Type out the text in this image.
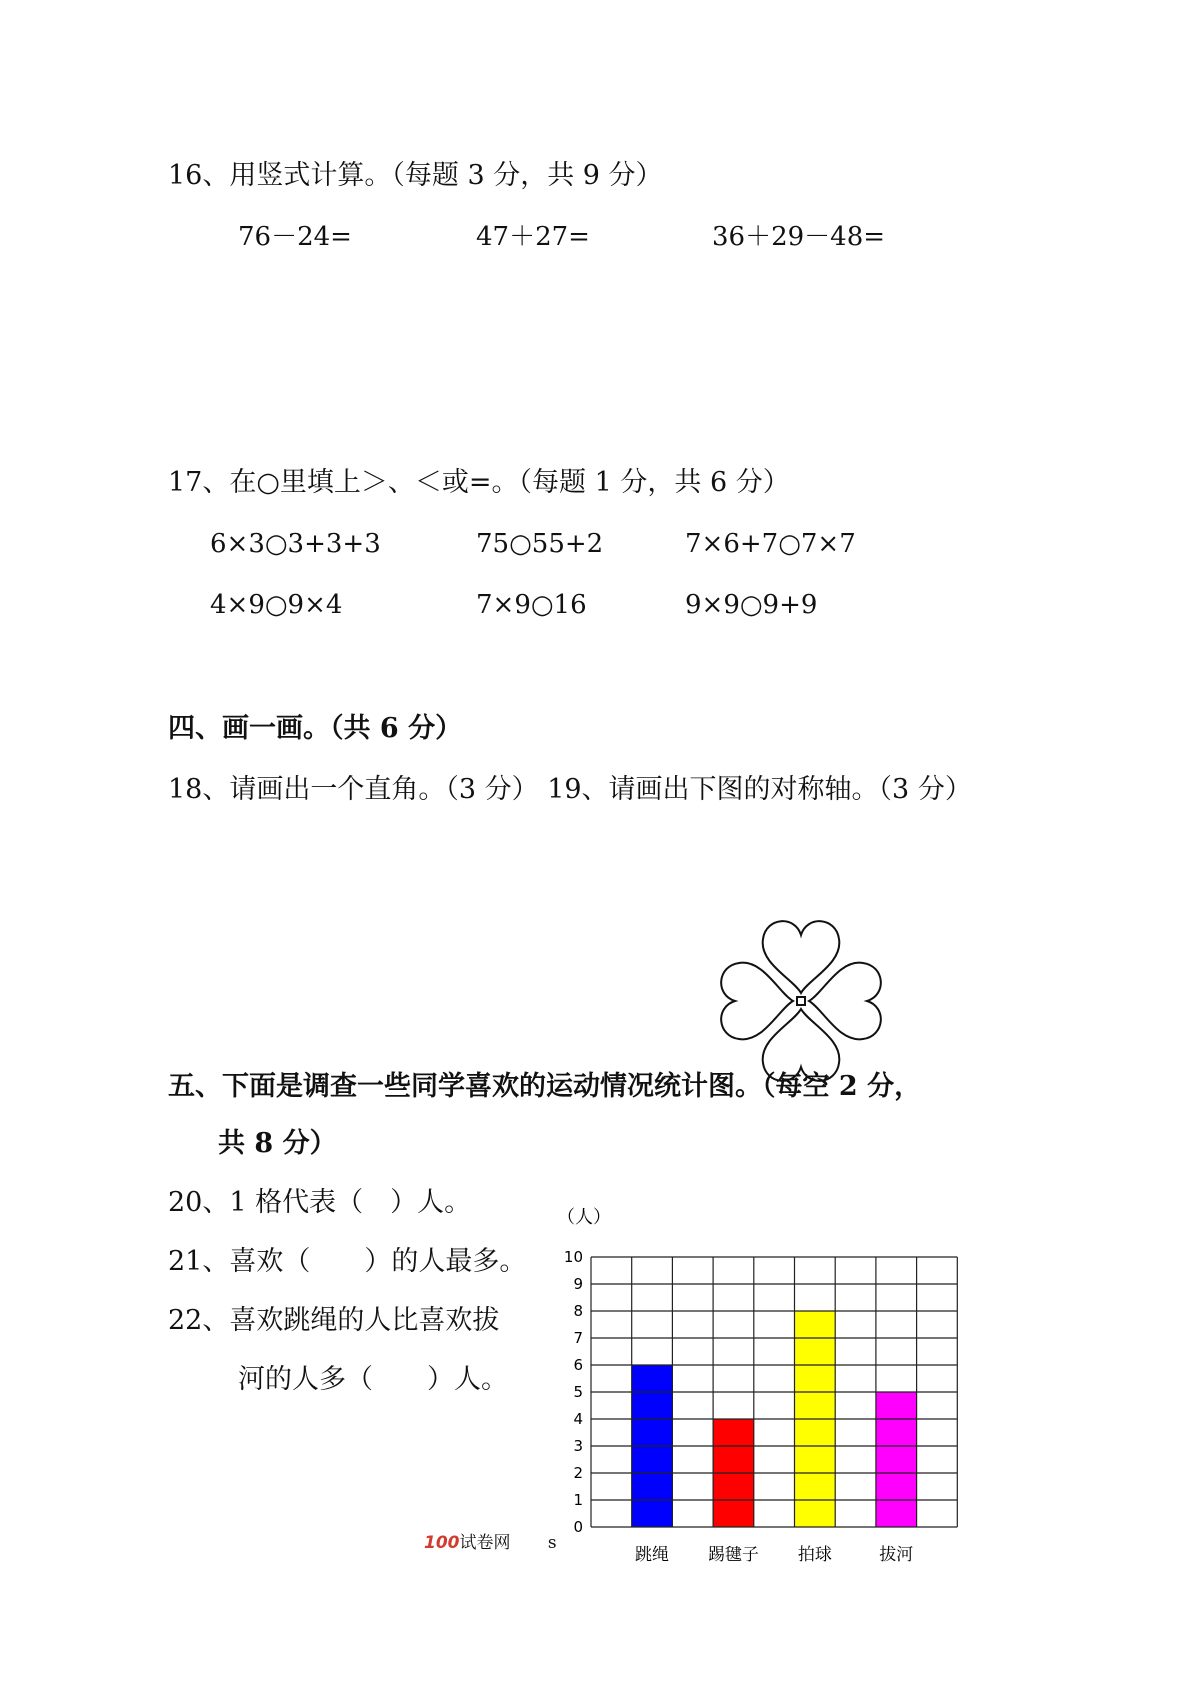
16、用竖式计算。（每题 3 分，共 9 分）
76－24=	47＋27=	36＋29－48=
17、在○里填上＞、＜或=。（每题 1 分，共 6 分）
6×3○3+3+3	75○55+2	7×6+7○7×7
4×9○9×4	7×9○16	9×9○9+9
四、画一画。（共 6 分）
18、请画出一个直角。（3 分） 19、请画出下图的对称轴。（3 分）
五、下面是调查一些同学喜欢的运动情况统计图。（每空 2 分，
共 8 分）
20、1 格代表（　）人。
21、喜欢（　　）的人最多。
22、喜欢跳绳的人比喜欢拔
河的人多（　　）人。
100试卷网 s
（人）
0
1
2
3
4
5
6
7
8
9
10
跳绳 踢毽子 拍球	拔河
